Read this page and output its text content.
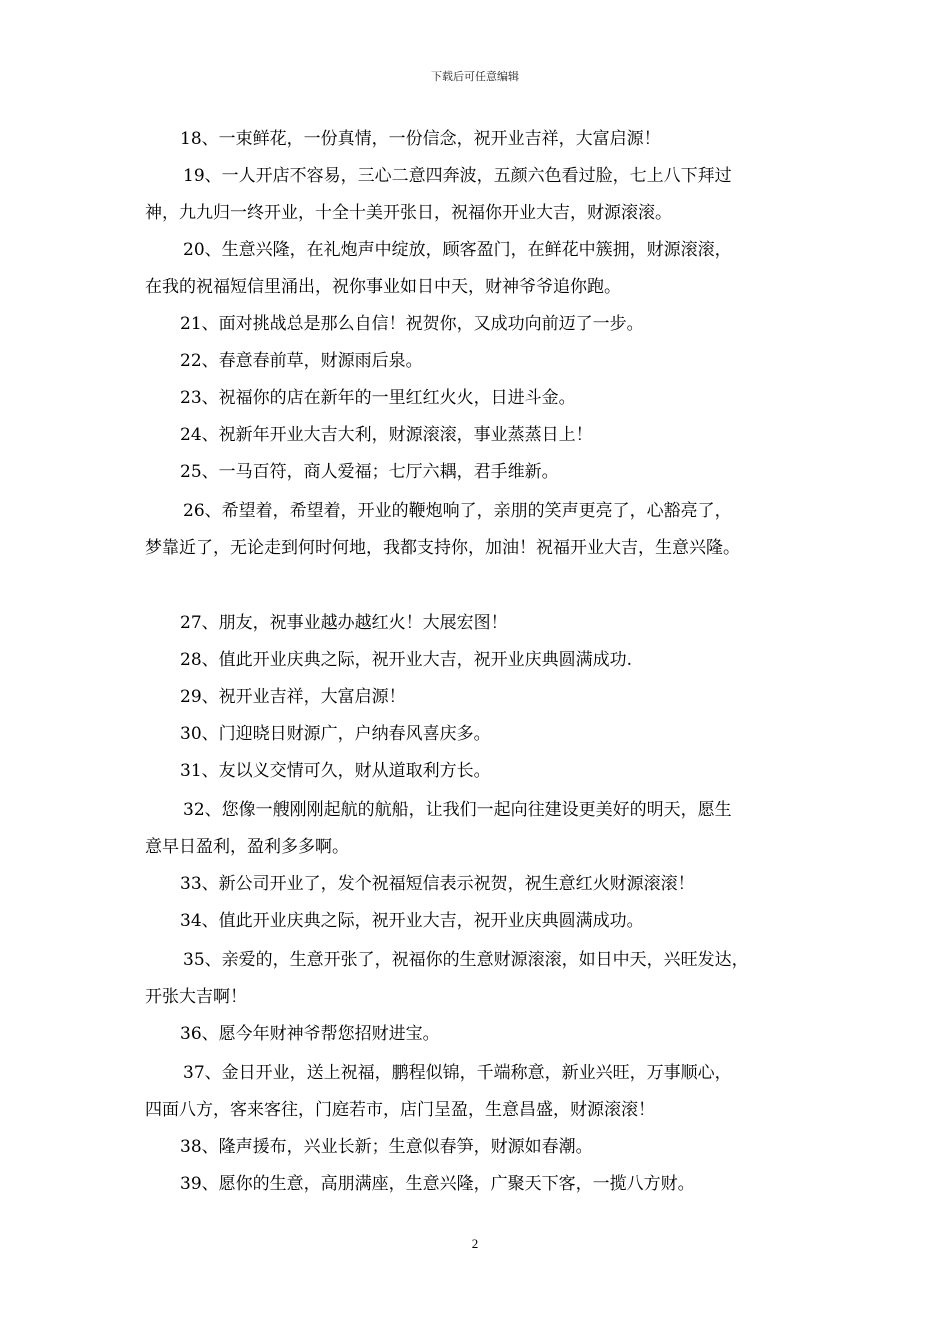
下载后可任意编辑
18、一束鲜花，一份真情，一份信念，祝开业吉祥，大富启源！
19、一人开店不容易，三心二意四奔波，五颜六色看过脸，七上八下拜过
神，九九归一终开业，十全十美开张日，祝福你开业大吉，财源滚滚。
20、生意兴隆，在礼炮声中绽放，顾客盈门，在鲜花中簇拥，财源滚滚，
在我的祝福短信里涌出，祝你事业如日中天，财神爷爷追你跑。
21、面对挑战总是那么自信！祝贺你，又成功向前迈了一步。
22、春意春前草，财源雨后泉。
23、祝福你的店在新年的一里红红火火，日进斗金。
24、祝新年开业大吉大利，财源滚滚，事业蒸蒸日上！
25、一马百符，商人爱福；七厅六耦，君手维新。
26、希望着，希望着，开业的鞭炮响了，亲朋的笑声更亮了，心豁亮了，
梦靠近了，无论走到何时何地，我都支持你，加油！祝福开业大吉，生意兴隆。
27、朋友，祝事业越办越红火！大展宏图！
28、值此开业庆典之际，祝开业大吉，祝开业庆典圆满成功.
29、祝开业吉祥，大富启源！
30、门迎晓日财源广，户纳春风喜庆多。
31、友以义交情可久，财从道取利方长。
32、您像一艘刚刚起航的航船，让我们一起向往建设更美好的明天，愿生
意早日盈利，盈利多多啊。
33、新公司开业了，发个祝福短信表示祝贺，祝生意红火财源滚滚！
34、值此开业庆典之际，祝开业大吉，祝开业庆典圆满成功。
35、亲爱的，生意开张了，祝福你的生意财源滚滚，如日中天，兴旺发达，
开张大吉啊！
36、愿今年财神爷帮您招财进宝。
37、金日开业，送上祝福，鹏程似锦，千端称意，新业兴旺，万事顺心，
四面八方，客来客往，门庭若市，店门呈盈，生意昌盛，财源滚滚！
38、隆声援布，兴业长新；生意似春笋，财源如春潮。
39、愿你的生意，高朋满座，生意兴隆，广聚天下客，一揽八方财。
2
